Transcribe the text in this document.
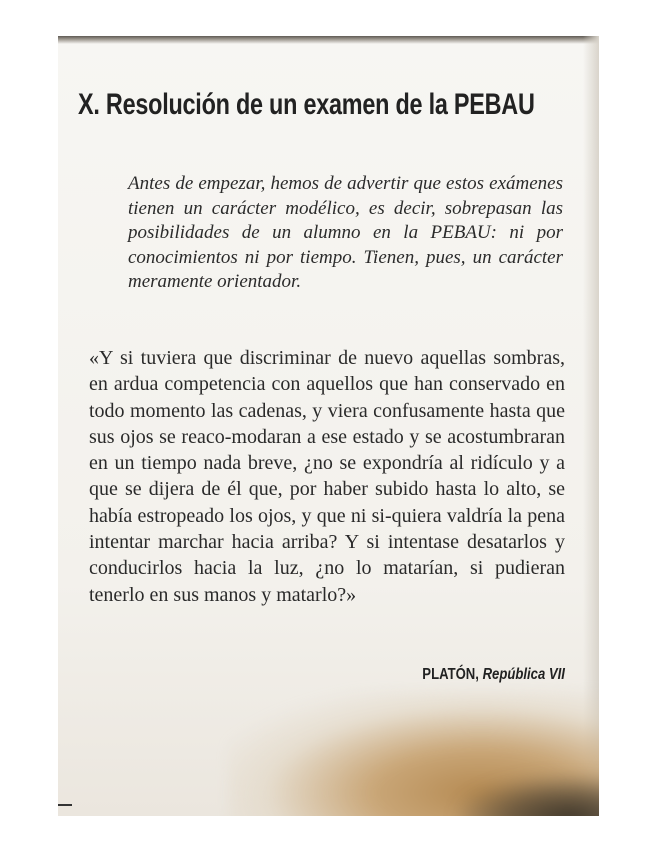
X. Resolución de un examen de la PEBAU

Antes de empezar, hemos de advertir que estos exámenes tienen un carácter modélico, es decir, sobrepasan las posibilidades de un alumno en la PEBAU: ni por conocimientos ni por tiempo. Tienen, pues, un carácter meramente orientador.

«Y si tuviera que discriminar de nuevo aquellas sombras, en ardua competencia con aquellos que han conservado en todo momento las cadenas, y viera confusamente hasta que sus ojos se reaco-modaran a ese estado y se acostumbraran en un tiempo nada breve, ¿no se expondría al ridículo y a que se dijera de él que, por haber subido hasta lo alto, se había estropeado los ojos, y que ni si-quiera valdría la pena intentar marchar hacia arriba? Y si intentase desatarlos y conducirlos hacia la luz, ¿no lo matarían, si pudieran tenerlo en sus manos y matarlo?»

PLATÓN, República VII
